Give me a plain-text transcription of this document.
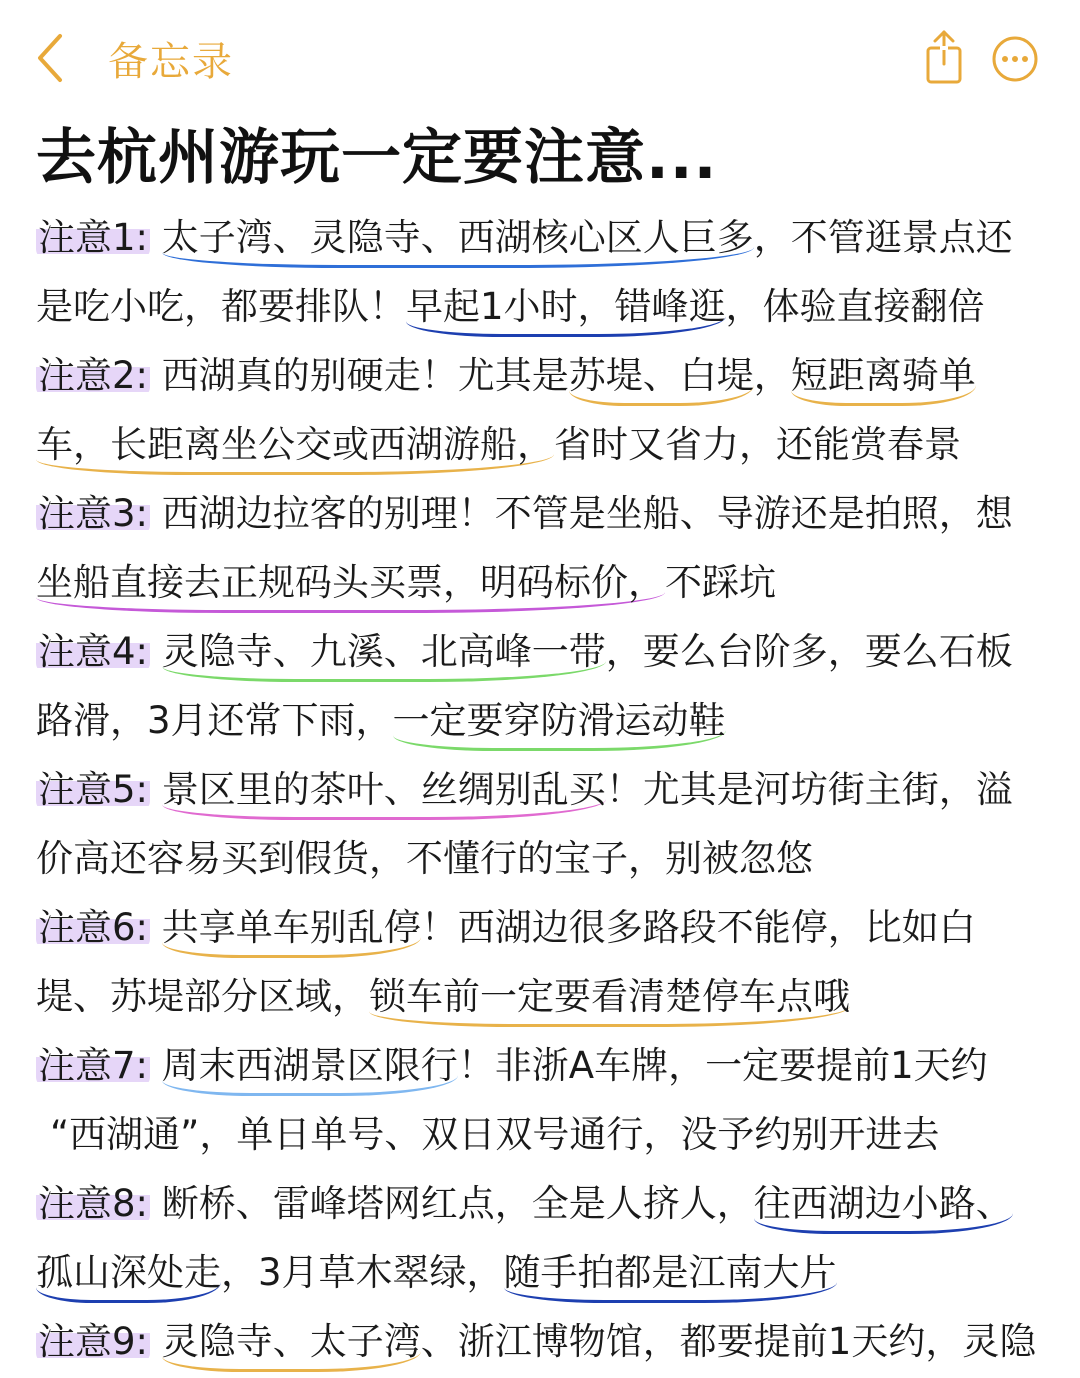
备忘录
去杭州游玩一定要注意...
注意1: 太子湾、灵隐寺、西湖核心区人巨多，不管逛景点还
是吃小吃，都要排队！早起1小时，错峰逛，体验直接翻倍
注意2: 西湖真的别硬走！尤其是苏堤、白堤，短距离骑单
车，长距离坐公交或西湖游船，省时又省力，还能赏春景
注意3: 西湖边拉客的别理！不管是坐船、导游还是拍照，想
坐船直接去正规码头买票，明码标价，不踩坑
注意4: 灵隐寺、九溪、北高峰一带，要么台阶多，要么石板
路滑，3月还常下雨，一定要穿防滑运动鞋
注意5: 景区里的茶叶、丝绸别乱买！尤其是河坊街主街，溢
价高还容易买到假货，不懂行的宝子，别被忽悠
注意6: 共享单车别乱停！西湖边很多路段不能停，比如白
堤、苏堤部分区域，锁车前一定要看清楚停车点哦
注意7: 周末西湖景区限行！非浙A车牌，一定要提前1天约
“西湖通”，单日单号、双日双号通行，没予约别开进去
注意8: 断桥、雷峰塔网红点，全是人挤人，往西湖边小路、
孤山深处走，3月草木翠绿，随手拍都是江南大片
注意9: 灵隐寺、太子湾、浙江博物馆，都要提前1天约，灵隐
